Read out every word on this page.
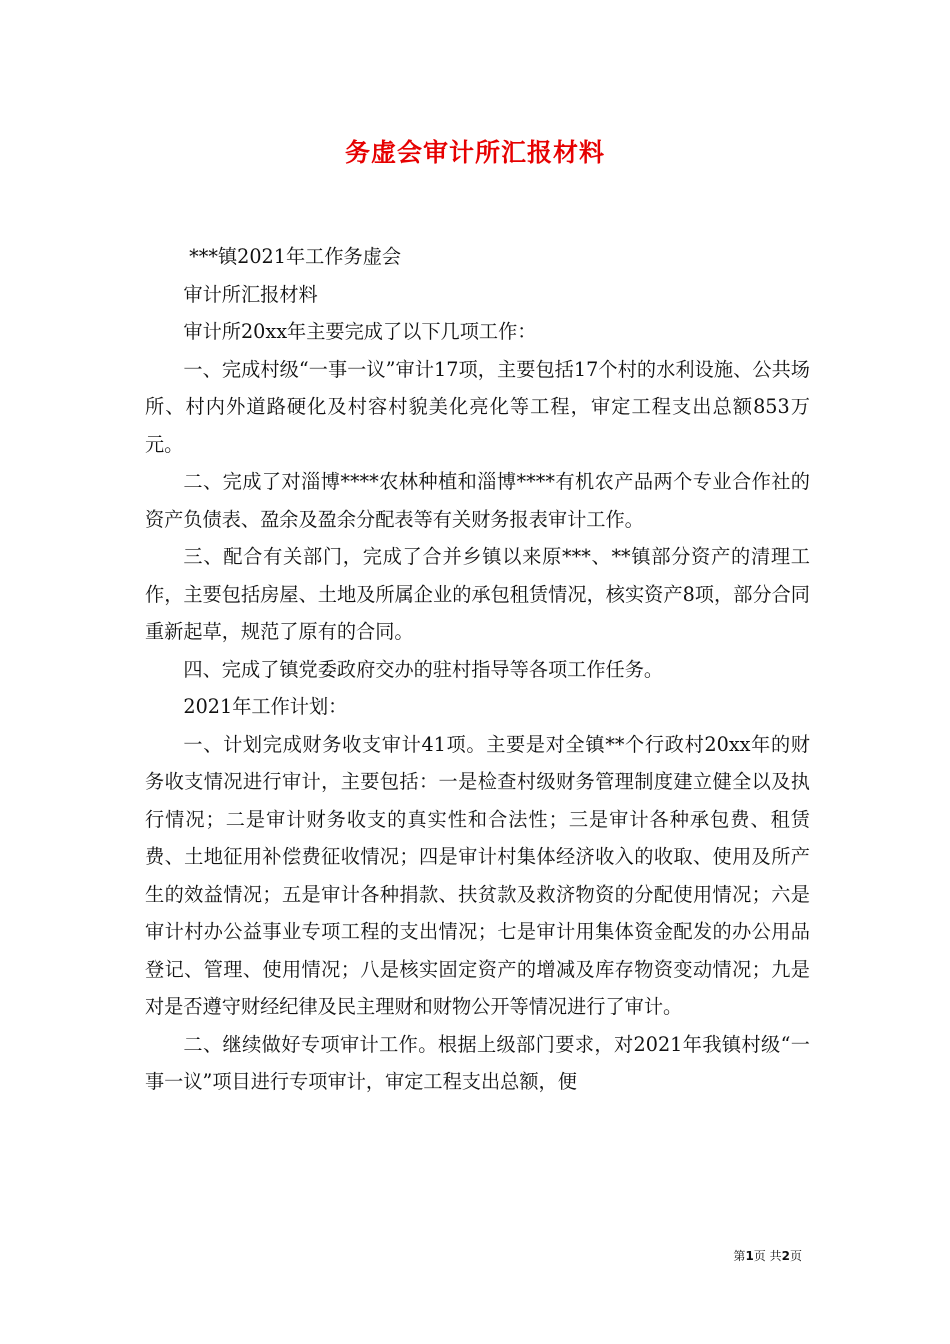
务虚会审计所汇报材料

***镇2021年工作务虚会

审计所汇报材料

审计所20xx年主要完成了以下几项工作：

一、完成村级“一事一议”审计17项，主要包括17个村的水利设施、公共场所、村内外道路硬化及村容村貌美化亮化等工程，审定工程支出总额853万元。

二、完成了对淄博****农林种植和淄博****有机农产品两个专业合作社的资产负债表、盈余及盈余分配表等有关财务报表审计工作。

三、配合有关部门，完成了合并乡镇以来原***、**镇部分资产的清理工作，主要包括房屋、土地及所属企业的承包租赁情况，核实资产8项，部分合同重新起草，规范了原有的合同。

四、完成了镇党委政府交办的驻村指导等各项工作任务。

2021年工作计划：

一、计划完成财务收支审计41项。主要是对全镇**个行政村20xx年的财务收支情况进行审计，主要包括：一是检查村级财务管理制度建立健全以及执行情况；二是审计财务收支的真实性和合法性；三是审计各种承包费、租赁费、土地征用补偿费征收情况；四是审计村集体经济收入的收取、使用及所产生的效益情况；五是审计各种捐款、扶贫款及救济物资的分配使用情况；六是审计村办公益事业专项工程的支出情况；七是审计用集体资金配发的办公用品登记、管理、使用情况；八是核实固定资产的增减及库存物资变动情况；九是对是否遵守财经纪律及民主理财和财物公开等情况进行了审计。

二、继续做好专项审计工作。根据上级部门要求，对2021年我镇村级“一事一议”项目进行专项审计，审定工程支出总额，便

第1页 共2页
